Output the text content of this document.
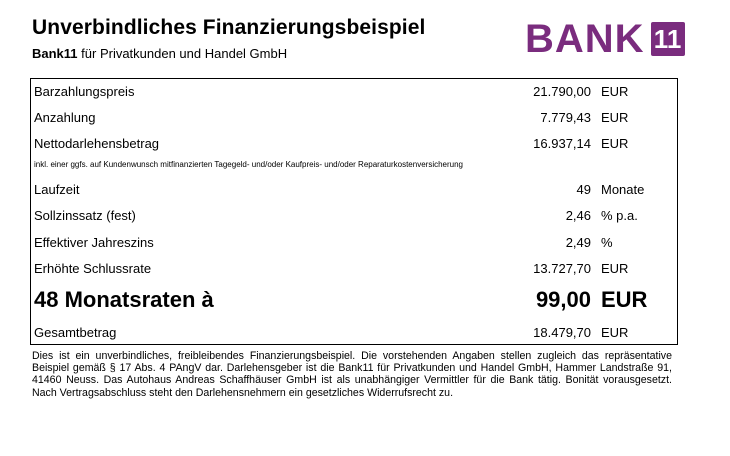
Unverbindliches Finanzierungsbeispiel
Bank11 für Privatkunden und Handel GmbH	BANK 11
Barzahlungspreis	21.790,00 EUR
Anzahlung	7.779,43 EUR
Nettodarlehensbetrag	16.937,14 EUR
inkl. einer ggfs. auf Kundenwunsch mitfinanzierten Tagegeld- und/oder Kaufpreis- und/oder Reparaturkostenversicherung
Laufzeit	49 Monate
Sollzinssatz (fest)	2,46 % p.a.
Effektiver Jahreszins	2,49 %
Erhöhte Schlussrate	13.727,70 EUR
48 Monatsraten à	99,00 EUR
Gesamtbetrag	18.479,70 EUR
Dies ist ein unverbindliches, freibleibendes Finanzierungsbeispiel. Die vorstehenden Angaben stellen zugleich das repräsentative Beispiel gemäß § 17 Abs. 4 PAngV dar. Darlehensgeber ist die Bank11 für Privatkunden und Handel GmbH, Hammer Landstraße 91, 41460 Neuss. Das Autohaus Andreas Schaffhäuser GmbH ist als unabhängiger Vermittler für die Bank tätig. Bonität vorausgesetzt. Nach Vertragsabschluss steht den Darlehensnehmern ein gesetzliches Widerrufsrecht zu.
